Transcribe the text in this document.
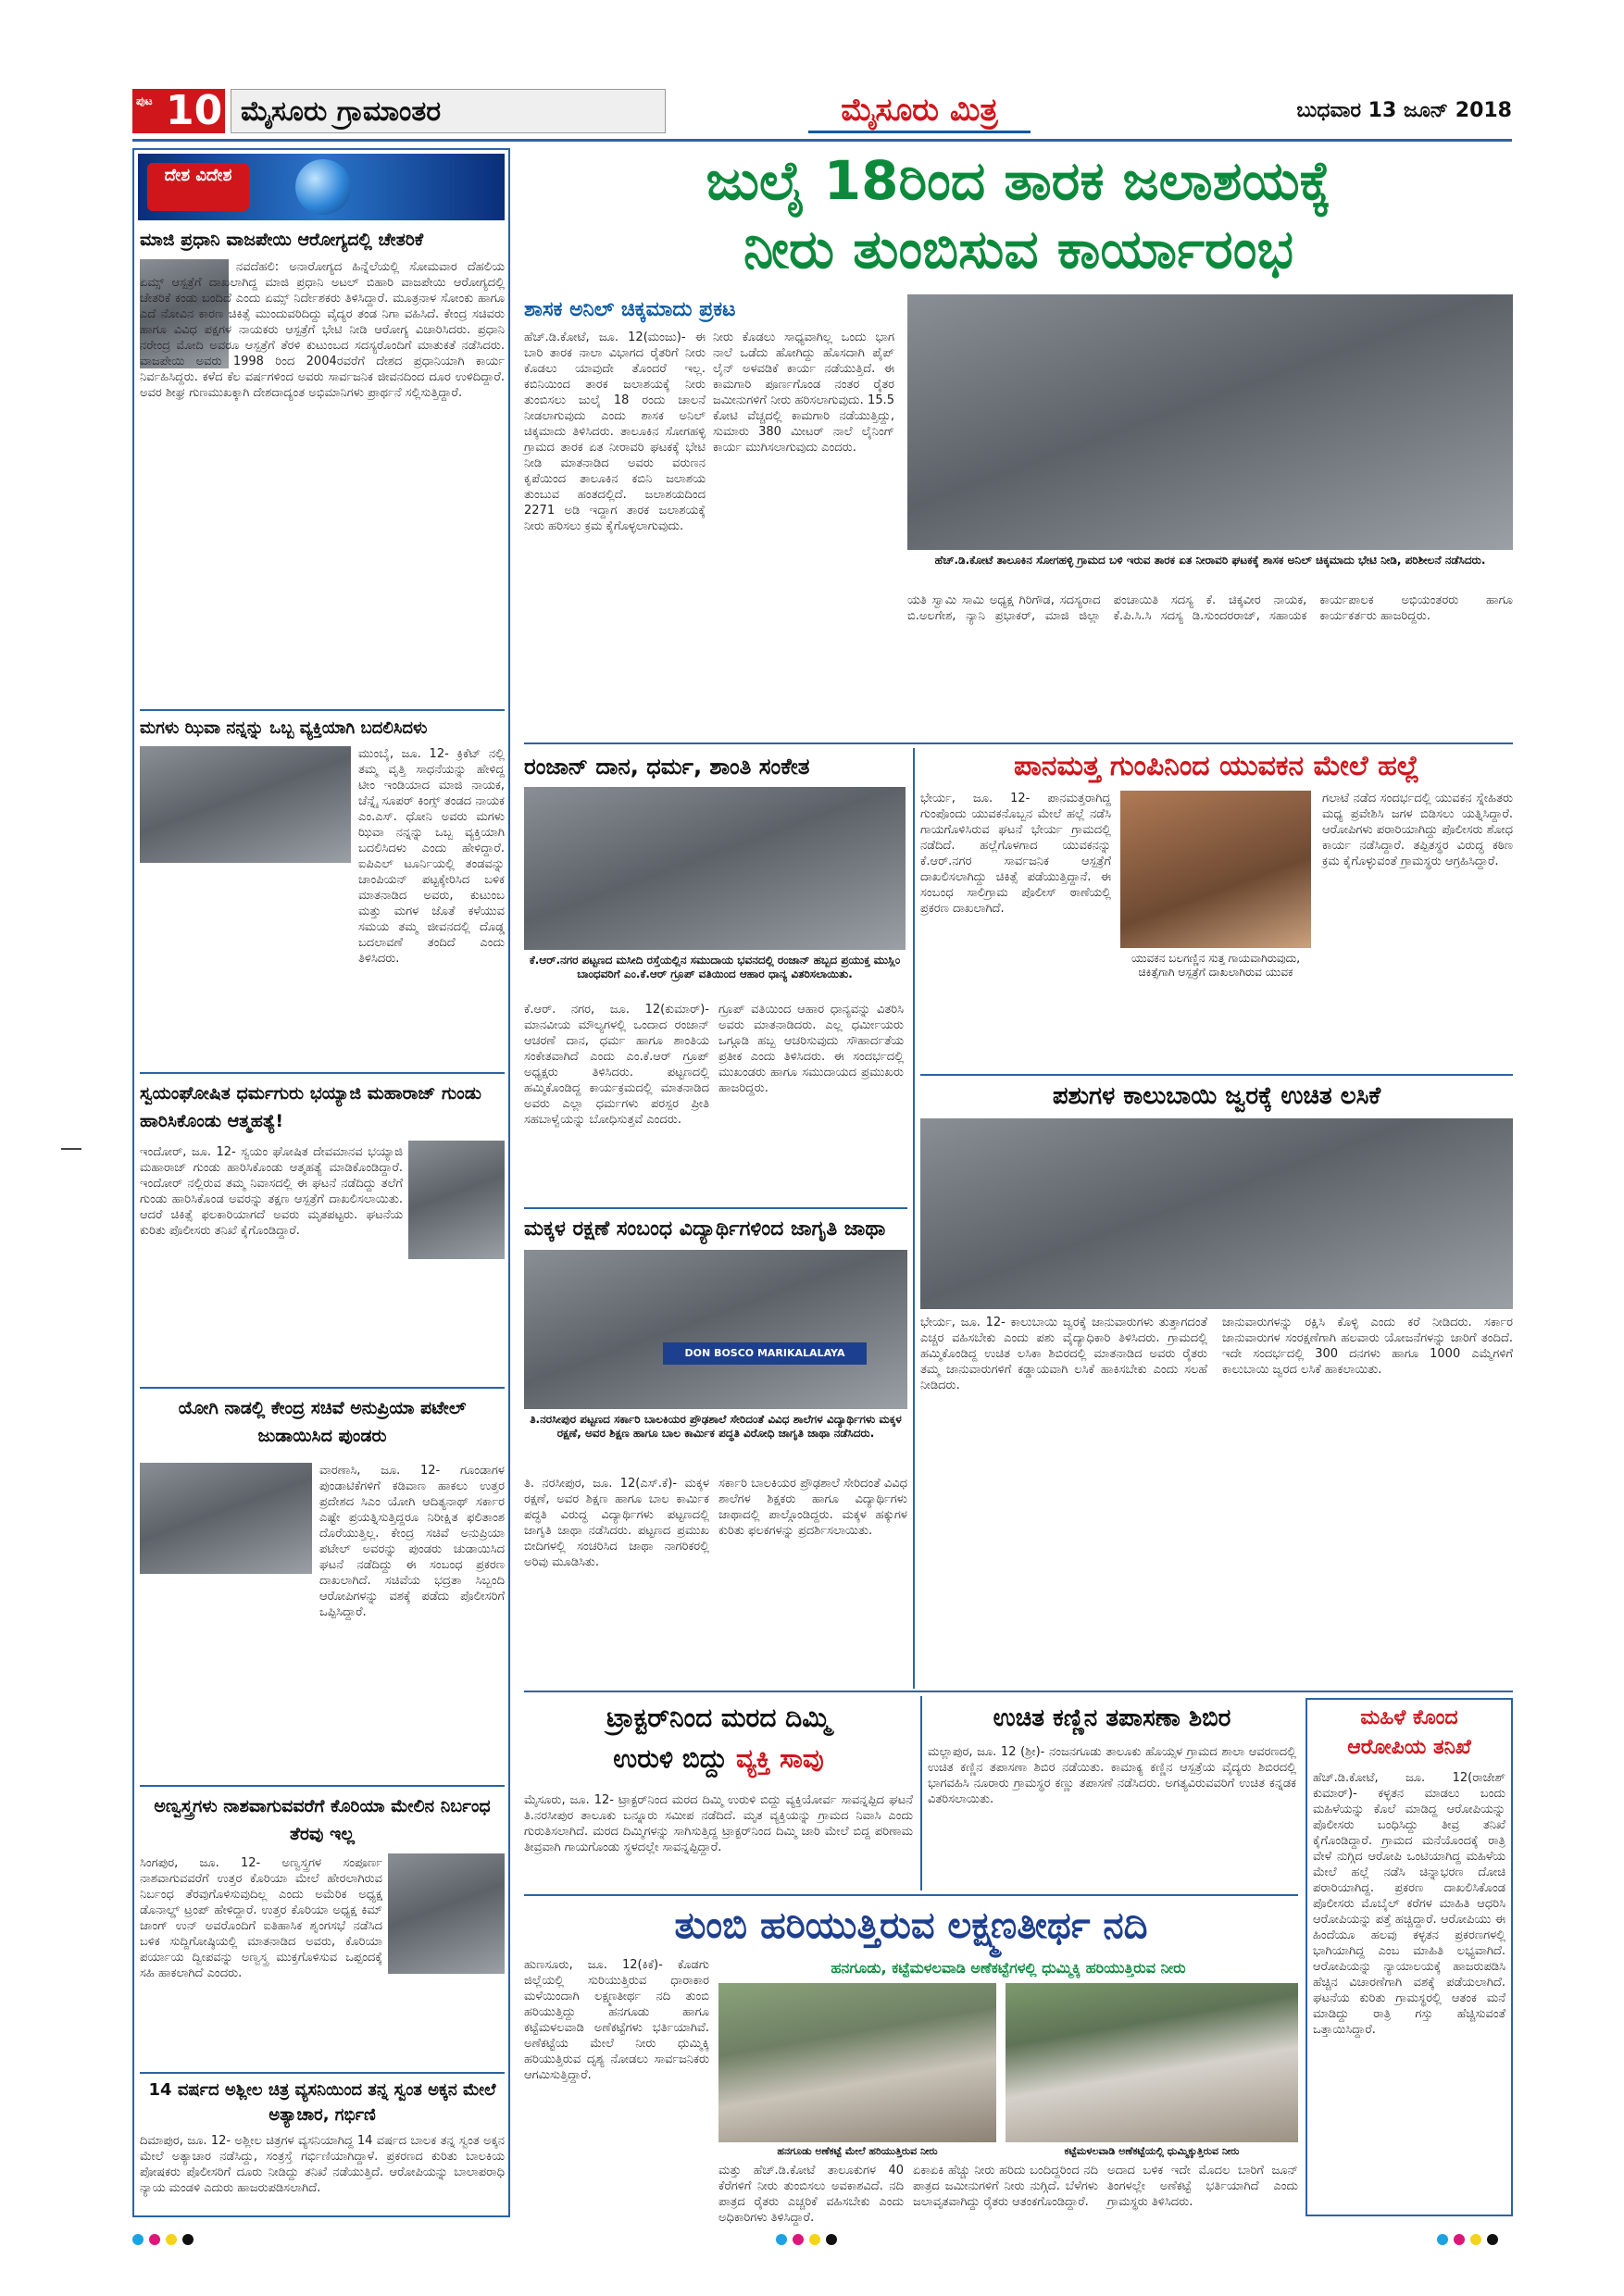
ಪುಟ 10 ಮೈಸೂರು ಗ್ರಾಮಾಂತರ	ಮೈಸೂರು ಮಿತ್ರ	ಬುಧವಾರ 13 ಜೂನ್ 2018
ದೇಶ ವಿದೇಶ
ಮಾಜಿ ಪ್ರಧಾನಿ ವಾಜಪೇಯಿ ಆರೋಗ್ಯದಲ್ಲಿ ಚೇತರಿಕೆ
ನವದೆಹಲಿ: ಅನಾರೋಗ್ಯದ ಹಿನ್ನೆಲೆಯಲ್ಲಿ ಸೋಮವಾರ ದೆಹಲಿಯ ಏಮ್ಸ್ ಆಸ್ಪತ್ರೆಗೆ ದಾಖಲಾಗಿದ್ದ ಮಾಜಿ ಪ್ರಧಾನಿ ಅಟಲ್ ಬಿಹಾರಿ ವಾಜಪೇಯಿ ಆರೋಗ್ಯದಲ್ಲಿ ಚೇತರಿಕೆ ಕಂಡು ಬಂದಿದೆ ಎಂದು ಏಮ್ಸ್ ನಿರ್ದೇಶಕರು ತಿಳಿಸಿದ್ದಾರೆ. ಮೂತ್ರನಾಳ ಸೋಂಕು ಹಾಗೂ ಎದೆ ನೋವಿನ ಕಾರಣ ಚಿಕಿತ್ಸೆ ಮುಂದುವರಿದಿದ್ದು ವೈದ್ಯರ ತಂಡ ನಿಗಾ ವಹಿಸಿದೆ. ಕೇಂದ್ರ ಸಚಿವರು ಹಾಗೂ ವಿವಿಧ ಪಕ್ಷಗಳ ನಾಯಕರು ಆಸ್ಪತ್ರೆಗೆ ಭೇಟಿ ನೀಡಿ ಆರೋಗ್ಯ ವಿಚಾರಿಸಿದರು. ಪ್ರಧಾನಿ ನರೇಂದ್ರ ಮೋದಿ ಅವರೂ ಆಸ್ಪತ್ರೆಗೆ ತೆರಳಿ ಕುಟುಂಬದ ಸದಸ್ಯರೊಂದಿಗೆ ಮಾತುಕತೆ ನಡೆಸಿದರು. ವಾಜಪೇಯಿ ಅವರು 1998 ರಿಂದ 2004ರವರೆಗೆ ದೇಶದ ಪ್ರಧಾನಿಯಾಗಿ ಕಾರ್ಯ ನಿರ್ವಹಿಸಿದ್ದರು. ಕಳೆದ ಕೆಲ ವರ್ಷಗಳಿಂದ ಅವರು ಸಾರ್ವಜನಿಕ ಜೀವನದಿಂದ ದೂರ ಉಳಿದಿದ್ದಾರೆ. ಅವರ ಶೀಘ್ರ ಗುಣಮುಖಕ್ಕಾಗಿ ದೇಶದಾದ್ಯಂತ ಅಭಿಮಾನಿಗಳು ಪ್ರಾರ್ಥನೆ ಸಲ್ಲಿಸುತ್ತಿದ್ದಾರೆ.
ಮಗಳು ಝಿವಾ ನನ್ನನ್ನು ಒಬ್ಬ ವ್ಯಕ್ತಿಯಾಗಿ ಬದಲಿಸಿದಳು
ಮುಂಬೈ, ಜೂ. 12- ಕ್ರಿಕೆಟ್ ನಲ್ಲಿ ತಮ್ಮ ವೃತ್ತಿ ಸಾಧನೆಯನ್ನು ಹೇಳಿದ್ದ ಟೀಂ ಇಂಡಿಯಾದ ಮಾಜಿ ನಾಯಕ, ಚೆನ್ನೈ ಸೂಪರ್ ಕಿಂಗ್ಸ್ ತಂಡದ ನಾಯಕ ಎಂ.ಎಸ್. ಧೋನಿ ಅವರು ಮಗಳು ಝಿವಾ ನನ್ನನ್ನು ಒಬ್ಬ ವ್ಯಕ್ತಿಯಾಗಿ ಬದಲಿಸಿದಳು ಎಂದು ಹೇಳಿದ್ದಾರೆ. ಐಪಿಎಲ್ ಟೂರ್ನಿಯಲ್ಲಿ ತಂಡವನ್ನು ಚಾಂಪಿಯನ್ ಪಟ್ಟಕ್ಕೇರಿಸಿದ ಬಳಿಕ ಮಾತನಾಡಿದ ಅವರು, ಕುಟುಂಬ ಮತ್ತು ಮಗಳ ಜೊತೆ ಕಳೆಯುವ ಸಮಯ ತಮ್ಮ ಜೀವನದಲ್ಲಿ ದೊಡ್ಡ ಬದಲಾವಣೆ ತಂದಿದೆ ಎಂದು ತಿಳಿಸಿದರು.
ಸ್ವಯಂಘೋಷಿತ ಧರ್ಮಗುರು ಭಯ್ಯಾಜಿ ಮಹಾರಾಜ್ ಗುಂಡು ಹಾರಿಸಿಕೊಂಡು ಆತ್ಮಹತ್ಯೆ!
ಇಂದೋರ್, ಜೂ. 12- ಸ್ವಯಂ ಘೋಷಿತ ದೇವಮಾನವ ಭಯ್ಯಾಜಿ ಮಹಾರಾಜ್ ಗುಂಡು ಹಾರಿಸಿಕೊಂಡು ಆತ್ಮಹತ್ಯೆ ಮಾಡಿಕೊಂಡಿದ್ದಾರೆ. ಇಂದೋರ್ ನಲ್ಲಿರುವ ತಮ್ಮ ನಿವಾಸದಲ್ಲಿ ಈ ಘಟನೆ ನಡೆದಿದ್ದು ತಲೆಗೆ ಗುಂಡು ಹಾರಿಸಿಕೊಂಡ ಅವರನ್ನು ತಕ್ಷಣ ಆಸ್ಪತ್ರೆಗೆ ದಾಖಲಿಸಲಾಯಿತು. ಆದರೆ ಚಿಕಿತ್ಸೆ ಫಲಕಾರಿಯಾಗದೆ ಅವರು ಮೃತಪಟ್ಟರು. ಘಟನೆಯ ಕುರಿತು ಪೊಲೀಸರು ತನಿಖೆ ಕೈಗೊಂಡಿದ್ದಾರೆ.
ಯೋಗಿ ನಾಡಲ್ಲಿ ಕೇಂದ್ರ ಸಚಿವೆ ಅನುಪ್ರಿಯಾ ಪಟೇಲ್ ಜುಡಾಯಿಸಿದ ಪುಂಡರು
ವಾರಣಾಸಿ, ಜೂ. 12- ಗೂಂಡಾಗಳ ಪುಂಡಾಟಿಕೆಗಳಿಗೆ ಕಡಿವಾಣ ಹಾಕಲು ಉತ್ತರ ಪ್ರದೇಶದ ಸಿಎಂ ಯೋಗಿ ಆದಿತ್ಯನಾಥ್ ಸರ್ಕಾರ ಎಷ್ಟೇ ಪ್ರಯತ್ನಿಸುತ್ತಿದ್ದರೂ ನಿರೀಕ್ಷಿತ ಫಲಿತಾಂಶ ದೊರೆಯುತ್ತಿಲ್ಲ. ಕೇಂದ್ರ ಸಚಿವೆ ಅನುಪ್ರಿಯಾ ಪಟೇಲ್ ಅವರನ್ನು ಪುಂಡರು ಚುಡಾಯಿಸಿದ ಘಟನೆ ನಡೆದಿದ್ದು ಈ ಸಂಬಂಧ ಪ್ರಕರಣ ದಾಖಲಾಗಿದೆ. ಸಚಿವೆಯ ಭದ್ರತಾ ಸಿಬ್ಬಂದಿ ಆರೋಪಿಗಳನ್ನು ವಶಕ್ಕೆ ಪಡೆದು ಪೊಲೀಸರಿಗೆ ಒಪ್ಪಿಸಿದ್ದಾರೆ.
ಅಣ್ವಸ್ತ್ರಗಳು ನಾಶವಾಗುವವರೆಗೆ ಕೊರಿಯಾ ಮೇಲಿನ ನಿರ್ಬಂಧ ತೆರವು ಇಲ್ಲ
ಸಿಂಗಪುರ, ಜೂ. 12- ಅಣ್ವಸ್ತ್ರಗಳ ಸಂಪೂರ್ಣ ನಾಶವಾಗುವವರೆಗೆ ಉತ್ತರ ಕೊರಿಯಾ ಮೇಲೆ ಹೇರಲಾಗಿರುವ ನಿರ್ಬಂಧ ತೆರವುಗೊಳಿಸುವುದಿಲ್ಲ ಎಂದು ಅಮೆರಿಕ ಅಧ್ಯಕ್ಷ ಡೊನಾಲ್ಡ್ ಟ್ರಂಪ್ ಹೇಳಿದ್ದಾರೆ. ಉತ್ತರ ಕೊರಿಯಾ ಅಧ್ಯಕ್ಷ ಕಿಮ್ ಜಾಂಗ್ ಉನ್ ಅವರೊಂದಿಗೆ ಐತಿಹಾಸಿಕ ಶೃಂಗಸಭೆ ನಡೆಸಿದ ಬಳಿಕ ಸುದ್ದಿಗೋಷ್ಠಿಯಲ್ಲಿ ಮಾತನಾಡಿದ ಅವರು, ಕೊರಿಯಾ ಪರ್ಯಾಯ ದ್ವೀಪವನ್ನು ಅಣ್ವಸ್ತ್ರ ಮುಕ್ತಗೊಳಿಸುವ ಒಪ್ಪಂದಕ್ಕೆ ಸಹಿ ಹಾಕಲಾಗಿದೆ ಎಂದರು.
14 ವರ್ಷದ ಅಶ್ಲೀಲ ಚಿತ್ರ ವ್ಯಸನಿಯಿಂದ ತನ್ನ ಸ್ವಂತ ಅಕ್ಕನ ಮೇಲೆ ಅತ್ಯಾಚಾರ, ಗರ್ಭಿಣಿ
ದಿಮಾಪುರ, ಜೂ. 12- ಅಶ್ಲೀಲ ಚಿತ್ರಗಳ ವ್ಯಸನಿಯಾಗಿದ್ದ 14 ವರ್ಷದ ಬಾಲಕ ತನ್ನ ಸ್ವಂತ ಅಕ್ಕನ ಮೇಲೆ ಅತ್ಯಾಚಾರ ನಡೆಸಿದ್ದು, ಸಂತ್ರಸ್ತೆ ಗರ್ಭಿಣಿಯಾಗಿದ್ದಾಳೆ. ಪ್ರಕರಣದ ಕುರಿತು ಬಾಲಕಿಯ ಪೋಷಕರು ಪೊಲೀಸರಿಗೆ ದೂರು ನೀಡಿದ್ದು ತನಿಖೆ ನಡೆಯುತ್ತಿದೆ. ಆರೋಪಿಯನ್ನು ಬಾಲಾಪರಾಧಿ ನ್ಯಾಯ ಮಂಡಳಿ ಎದುರು ಹಾಜರುಪಡಿಸಲಾಗಿದೆ.
ಜುಲೈ 18ರಿಂದ ತಾರಕ ಜಲಾಶಯಕ್ಕೆ
ನೀರು ತುಂಬಿಸುವ ಕಾರ್ಯಾರಂಭ
ಶಾಸಕ ಅನಿಲ್ ಚಿಕ್ಕಮಾದು ಪ್ರಕಟ
ಹೆಚ್.ಡಿ.ಕೋಟೆ, ಜೂ. 12(ಮಂಜು)- ಈ ಬಾರಿ ತಾರಕ ನಾಲಾ ವಿಭಾಗದ ರೈತರಿಗೆ ನೀರು ಕೊಡಲು ಯಾವುದೇ ತೊಂದರೆ ಇಲ್ಲ. ಕಬಿನಿಯಿಂದ ತಾರಕ ಜಲಾಶಯಕ್ಕೆ ನೀರು ತುಂಬಿಸಲು ಜುಲೈ 18 ರಂದು ಚಾಲನೆ ನೀಡಲಾಗುವುದು ಎಂದು ಶಾಸಕ ಅನಿಲ್ ಚಿಕ್ಕಮಾದು ತಿಳಿಸಿದರು. ತಾಲೂಕಿನ ಸೋಗಹಳ್ಳಿ ಗ್ರಾಮದ ತಾರಕ ಏತ ನೀರಾವರಿ ಘಟಕಕ್ಕೆ ಭೇಟಿ ನೀಡಿ ಮಾತನಾಡಿದ ಅವರು ವರುಣನ ಕೃಪೆಯಿಂದ ತಾಲೂಕಿನ ಕಬಿನಿ ಜಲಾಶಯ ತುಂಬುವ ಹಂತದಲ್ಲಿದೆ. ಜಲಾಶಯದಿಂದ 2271 ಅಡಿ ಇದ್ದಾಗ ತಾರಕ ಜಲಾಶಯಕ್ಕೆ ನೀರು ಹರಿಸಲು ಕ್ರಮ ಕೈಗೊಳ್ಳಲಾಗುವುದು.
ನೀರು ಕೊಡಲು ಸಾಧ್ಯವಾಗಿಲ್ಲ ಒಂದು ಭಾಗ ನಾಲೆ ಒಡೆದು ಹೋಗಿದ್ದು ಹೊಸದಾಗಿ ಪೈಪ್ ಲೈನ್ ಅಳವಡಿಕೆ ಕಾರ್ಯ ನಡೆಯುತ್ತಿದೆ. ಈ ಕಾಮಗಾರಿ ಪೂರ್ಣಗೊಂಡ ನಂತರ ರೈತರ ಜಮೀನುಗಳಿಗೆ ನೀರು ಹರಿಸಲಾಗುವುದು. 15.5 ಕೋಟಿ ವೆಚ್ಚದಲ್ಲಿ ಕಾಮಗಾರಿ ನಡೆಯುತ್ತಿದ್ದು, ಸುಮಾರು 380 ಮೀಟರ್ ನಾಲೆ ಲೈನಿಂಗ್ ಕಾರ್ಯ ಮುಗಿಸಲಾಗುವುದು ಎಂದರು.
ಹೆಚ್.ಡಿ.ಕೋಟೆ ತಾಲೂಕಿನ ಸೋಗಹಳ್ಳಿ ಗ್ರಾಮದ ಬಳಿ ಇರುವ ತಾರಕ ಏತ ನೀರಾವರಿ ಘಟಕಕ್ಕೆ ಶಾಸಕ ಅನಿಲ್ ಚಿಕ್ಕಮಾದು ಭೇಟಿ ನೀಡಿ, ಪರಿಶೀಲನೆ ನಡೆಸಿದರು.
ಯತಿ ಸ್ವಾಮಿ ಸಾಮಿ ಅಧ್ಯಕ್ಷ ಗಿರಿಗೌಡ, ಸದಸ್ಯರಾದ ಬಿ.ಅಲಗೇಶ, ನ್ಯಾನಿ ಪ್ರಭಾಕರ್, ಮಾಜಿ ಜಿಲ್ಲಾ ಪಂಚಾಯಿತಿ ಸದಸ್ಯ ಕೆ. ಚಿಕ್ಕವೀರ ನಾಯಕ, ಕೆ.ಪಿ.ಸಿ.ಸಿ ಸದಸ್ಯ ಡಿ.ಸುಂದರರಾಜ್, ಸಹಾಯಕ ಕಾರ್ಯಪಾಲಕ ಅಭಿಯಂತರರು ಹಾಗೂ ಕಾರ್ಯಕರ್ತರು ಹಾಜರಿದ್ದರು.
ರಂಜಾನ್ ದಾನ, ಧರ್ಮ, ಶಾಂತಿ ಸಂಕೇತ
ಕೆ.ಆರ್.ನಗರ ಪಟ್ಟಣದ ಮಸೀದಿ ರಸ್ತೆಯಲ್ಲಿನ ಸಮುದಾಯ ಭವನದಲ್ಲಿ ರಂಜಾನ್ ಹಬ್ಬದ ಪ್ರಯುಕ್ತ ಮುಸ್ಲಿಂ ಬಾಂಧವರಿಗೆ ಎಂ.ಕೆ.ಆರ್ ಗ್ರೂಪ್ ವತಿಯಿಂದ ಆಹಾರ ಧಾನ್ಯ ವಿತರಿಸಲಾಯಿತು.
ಕೆ.ಆರ್. ನಗರ, ಜೂ. 12(ಕುಮಾರ್)- ಮಾನವೀಯ ಮೌಲ್ಯಗಳಲ್ಲಿ ಒಂದಾದ ರಂಜಾನ್ ಆಚರಣೆ ದಾನ, ಧರ್ಮ ಹಾಗೂ ಶಾಂತಿಯ ಸಂಕೇತವಾಗಿದೆ ಎಂದು ಎಂ.ಕೆ.ಆರ್ ಗ್ರೂಪ್ ಅಧ್ಯಕ್ಷರು ತಿಳಿಸಿದರು. ಪಟ್ಟಣದಲ್ಲಿ ಹಮ್ಮಿಕೊಂಡಿದ್ದ ಕಾರ್ಯಕ್ರಮದಲ್ಲಿ ಮಾತನಾಡಿದ ಅವರು ಎಲ್ಲಾ ಧರ್ಮಗಳು ಪರಸ್ಪರ ಪ್ರೀತಿ ಸಹಬಾಳ್ವೆಯನ್ನು ಬೋಧಿಸುತ್ತವೆ ಎಂದರು.
ಗ್ರೂಪ್ ವತಿಯಿಂದ ಆಹಾರ ಧಾನ್ಯವನ್ನು ವಿತರಿಸಿ ಅವರು ಮಾತನಾಡಿದರು. ಎಲ್ಲ ಧರ್ಮೀಯರು ಒಗ್ಗೂಡಿ ಹಬ್ಬ ಆಚರಿಸುವುದು ಸೌಹಾರ್ದತೆಯ ಪ್ರತೀಕ ಎಂದು ತಿಳಿಸಿದರು. ಈ ಸಂದರ್ಭದಲ್ಲಿ ಮುಖಂಡರು ಹಾಗೂ ಸಮುದಾಯದ ಪ್ರಮುಖರು ಹಾಜರಿದ್ದರು.
ಪಾನಮತ್ತ ಗುಂಪಿನಿಂದ ಯುವಕನ ಮೇಲೆ ಹಲ್ಲೆ
ಭೇರ್ಯ, ಜೂ. 12- ಪಾನಮತ್ತರಾಗಿದ್ದ ಗುಂಪೊಂದು ಯುವಕನೊಬ್ಬನ ಮೇಲೆ ಹಲ್ಲೆ ನಡೆಸಿ ಗಾಯಗೊಳಿಸಿರುವ ಘಟನೆ ಭೇರ್ಯ ಗ್ರಾಮದಲ್ಲಿ ನಡೆದಿದೆ. ಹಲ್ಲೆಗೊಳಗಾದ ಯುವಕನನ್ನು ಕೆ.ಆರ್.ನಗರ ಸಾರ್ವಜನಿಕ ಆಸ್ಪತ್ರೆಗೆ ದಾಖಲಿಸಲಾಗಿದ್ದು ಚಿಕಿತ್ಸೆ ಪಡೆಯುತ್ತಿದ್ದಾನೆ. ಈ ಸಂಬಂಧ ಸಾಲಿಗ್ರಾಮ ಪೊಲೀಸ್ ಠಾಣೆಯಲ್ಲಿ ಪ್ರಕರಣ ದಾಖಲಾಗಿದೆ.
ಯುವಕನ ಬಲಗಣ್ಣಿನ ಸುತ್ತ ಗಾಯವಾಗಿರುವುದು, ಚಿಕಿತ್ಸೆಗಾಗಿ ಆಸ್ಪತ್ರೆಗೆ ದಾಖಲಾಗಿರುವ ಯುವಕ
ಗಲಾಟೆ ನಡೆದ ಸಂದರ್ಭದಲ್ಲಿ ಯುವಕನ ಸ್ನೇಹಿತರು ಮಧ್ಯ ಪ್ರವೇಶಿಸಿ ಜಗಳ ಬಿಡಿಸಲು ಯತ್ನಿಸಿದ್ದಾರೆ. ಆರೋಪಿಗಳು ಪರಾರಿಯಾಗಿದ್ದು ಪೊಲೀಸರು ಶೋಧ ಕಾರ್ಯ ನಡೆಸಿದ್ದಾರೆ. ತಪ್ಪಿತಸ್ಥರ ವಿರುದ್ಧ ಕಠಿಣ ಕ್ರಮ ಕೈಗೊಳ್ಳುವಂತೆ ಗ್ರಾಮಸ್ಥರು ಆಗ್ರಹಿಸಿದ್ದಾರೆ.
ಪಶುಗಳ ಕಾಲುಬಾಯಿ ಜ್ವರಕ್ಕೆ ಉಚಿತ ಲಸಿಕೆ
ಭೇರ್ಯ, ಜೂ. 12- ಕಾಲುಬಾಯಿ ಜ್ವರಕ್ಕೆ ಜಾನುವಾರುಗಳು ತುತ್ತಾಗದಂತೆ ಎಚ್ಚರ ವಹಿಸಬೇಕು ಎಂದು ಪಶು ವೈದ್ಯಾಧಿಕಾರಿ ತಿಳಿಸಿದರು. ಗ್ರಾಮದಲ್ಲಿ ಹಮ್ಮಿಕೊಂಡಿದ್ದ ಉಚಿತ ಲಸಿಕಾ ಶಿಬಿರದಲ್ಲಿ ಮಾತನಾಡಿದ ಅವರು ರೈತರು ತಮ್ಮ ಜಾನುವಾರುಗಳಿಗೆ ಕಡ್ಡಾಯವಾಗಿ ಲಸಿಕೆ ಹಾಕಿಸಬೇಕು ಎಂದು ಸಲಹೆ ನೀಡಿದರು.
ಜಾನುವಾರುಗಳನ್ನು ರಕ್ಷಿಸಿ ಕೊಳ್ಳಿ ಎಂದು ಕರೆ ನೀಡಿದರು. ಸರ್ಕಾರ ಜಾನುವಾರುಗಳ ಸಂರಕ್ಷಣೆಗಾಗಿ ಹಲವಾರು ಯೋಜನೆಗಳನ್ನು ಜಾರಿಗೆ ತಂದಿದೆ. ಇದೇ ಸಂದರ್ಭದಲ್ಲಿ 300 ದನಗಳು ಹಾಗೂ 1000 ಎಮ್ಮೆಗಳಿಗೆ ಕಾಲುಬಾಯಿ ಜ್ವರದ ಲಸಿಕೆ ಹಾಕಲಾಯಿತು.
ಮಕ್ಕಳ ರಕ್ಷಣೆ ಸಂಬಂಧ ವಿದ್ಯಾರ್ಥಿಗಳಿಂದ ಜಾಗೃತಿ ಜಾಥಾ
DON BOSCO MARIKALALAYA
ತಿ.ನರಸೀಪುರ ಪಟ್ಟಣದ ಸರ್ಕಾರಿ ಬಾಲಕಿಯರ ಪ್ರೌಢಶಾಲೆ ಸೇರಿದಂತೆ ವಿವಿಧ ಶಾಲೆಗಳ ವಿದ್ಯಾರ್ಥಿಗಳು ಮಕ್ಕಳ ರಕ್ಷಣೆ, ಅವರ ಶಿಕ್ಷಣ ಹಾಗೂ ಬಾಲ ಕಾರ್ಮಿಕ ಪದ್ಧತಿ ವಿರೋಧಿ ಜಾಗೃತಿ ಜಾಥಾ ನಡೆಸಿದರು.
ತಿ. ನರಸೀಪುರ, ಜೂ. 12(ಎಸ್.ಕೆ)- ಮಕ್ಕಳ ರಕ್ಷಣೆ, ಅವರ ಶಿಕ್ಷಣ ಹಾಗೂ ಬಾಲ ಕಾರ್ಮಿಕ ಪದ್ಧತಿ ವಿರುದ್ಧ ವಿದ್ಯಾರ್ಥಿಗಳು ಪಟ್ಟಣದಲ್ಲಿ ಜಾಗೃತಿ ಜಾಥಾ ನಡೆಸಿದರು. ಪಟ್ಟಣದ ಪ್ರಮುಖ ಬೀದಿಗಳಲ್ಲಿ ಸಂಚರಿಸಿದ ಜಾಥಾ ನಾಗರಿಕರಲ್ಲಿ ಅರಿವು ಮೂಡಿಸಿತು.
ಸರ್ಕಾರಿ ಬಾಲಕಿಯರ ಪ್ರೌಢಶಾಲೆ ಸೇರಿದಂತೆ ವಿವಿಧ ಶಾಲೆಗಳ ಶಿಕ್ಷಕರು ಹಾಗೂ ವಿದ್ಯಾರ್ಥಿಗಳು ಜಾಥಾದಲ್ಲಿ ಪಾಲ್ಗೊಂಡಿದ್ದರು. ಮಕ್ಕಳ ಹಕ್ಕುಗಳ ಕುರಿತು ಫಲಕಗಳನ್ನು ಪ್ರದರ್ಶಿಸಲಾಯಿತು.
ಟ್ರಾಕ್ಟರ್‌ನಿಂದ ಮರದ ದಿಮ್ಮಿ
ಉರುಳಿ ಬಿದ್ದು ವ್ಯಕ್ತಿ ಸಾವು
ಮೈಸೂರು, ಜೂ. 12- ಟ್ರಾಕ್ಟರ್‌ನಿಂದ ಮರದ ದಿಮ್ಮಿ ಉರುಳಿ ಬಿದ್ದು ವ್ಯಕ್ತಿಯೋರ್ವ ಸಾವನ್ನಪ್ಪಿದ ಘಟನೆ ತಿ.ನರಸೀಪುರ ತಾಲೂಕು ಬನ್ನೂರು ಸಮೀಪ ನಡೆದಿದೆ. ಮೃತ ವ್ಯಕ್ತಿಯನ್ನು ಗ್ರಾಮದ ನಿವಾಸಿ ಎಂದು ಗುರುತಿಸಲಾಗಿದೆ. ಮರದ ದಿಮ್ಮಿಗಳನ್ನು ಸಾಗಿಸುತ್ತಿದ್ದ ಟ್ರಾಕ್ಟರ್‌ನಿಂದ ದಿಮ್ಮಿ ಜಾರಿ ಮೇಲೆ ಬಿದ್ದ ಪರಿಣಾಮ ತೀವ್ರವಾಗಿ ಗಾಯಗೊಂಡು ಸ್ಥಳದಲ್ಲೇ ಸಾವನ್ನಪ್ಪಿದ್ದಾರೆ.
ಉಚಿತ ಕಣ್ಣಿನ ತಪಾಸಣಾ ಶಿಬಿರ
ಮಲ್ಲಾಪುರ, ಜೂ. 12 (ಶ್ರೀ)- ನಂಜನಗೂಡು ತಾಲೂಕು ಹೊಯ್ಸಳ ಗ್ರಾಮದ ಶಾಲಾ ಆವರಣದಲ್ಲಿ ಉಚಿತ ಕಣ್ಣಿನ ತಪಾಸಣಾ ಶಿಬಿರ ನಡೆಯಿತು. ಕಾಮಾಕ್ಯ ಕಣ್ಣಿನ ಆಸ್ಪತ್ರೆಯ ವೈದ್ಯರು ಶಿಬಿರದಲ್ಲಿ ಭಾಗವಹಿಸಿ ನೂರಾರು ಗ್ರಾಮಸ್ಥರ ಕಣ್ಣು ತಪಾಸಣೆ ನಡೆಸಿದರು. ಅಗತ್ಯವಿರುವವರಿಗೆ ಉಚಿತ ಕನ್ನಡಕ ವಿತರಿಸಲಾಯಿತು.
ಮಹಿಳೆ ಕೊಂದ
ಆರೋಪಿಯ ತನಿಖೆ
ಹೆಚ್.ಡಿ.ಕೋಟೆ, ಜೂ. 12(ರಾಜೇಶ್ ಕುಮಾರ್)- ಕಳ್ಳತನ ಮಾಡಲು ಬಂದು ಮಹಿಳೆಯನ್ನು ಕೊಲೆ ಮಾಡಿದ್ದ ಆರೋಪಿಯನ್ನು ಪೊಲೀಸರು ಬಂಧಿಸಿದ್ದು ತೀವ್ರ ತನಿಖೆ ಕೈಗೊಂಡಿದ್ದಾರೆ. ಗ್ರಾಮದ ಮನೆಯೊಂದಕ್ಕೆ ರಾತ್ರಿ ವೇಳೆ ನುಗ್ಗಿದ ಆರೋಪಿ ಒಂಟಿಯಾಗಿದ್ದ ಮಹಿಳೆಯ ಮೇಲೆ ಹಲ್ಲೆ ನಡೆಸಿ ಚಿನ್ನಾಭರಣ ದೋಚಿ ಪರಾರಿಯಾಗಿದ್ದ. ಪ್ರಕರಣ ದಾಖಲಿಸಿಕೊಂಡ ಪೊಲೀಸರು ಮೊಬೈಲ್ ಕರೆಗಳ ಮಾಹಿತಿ ಆಧರಿಸಿ ಆರೋಪಿಯನ್ನು ಪತ್ತೆ ಹಚ್ಚಿದ್ದಾರೆ. ಆರೋಪಿಯು ಈ ಹಿಂದೆಯೂ ಹಲವು ಕಳ್ಳತನ ಪ್ರಕರಣಗಳಲ್ಲಿ ಭಾಗಿಯಾಗಿದ್ದ ಎಂಬ ಮಾಹಿತಿ ಲಭ್ಯವಾಗಿದೆ. ಆರೋಪಿಯನ್ನು ನ್ಯಾಯಾಲಯಕ್ಕೆ ಹಾಜರುಪಡಿಸಿ ಹೆಚ್ಚಿನ ವಿಚಾರಣೆಗಾಗಿ ವಶಕ್ಕೆ ಪಡೆಯಲಾಗಿದೆ. ಘಟನೆಯ ಕುರಿತು ಗ್ರಾಮಸ್ಥರಲ್ಲಿ ಆತಂಕ ಮನೆ ಮಾಡಿದ್ದು ರಾತ್ರಿ ಗಸ್ತು ಹೆಚ್ಚಿಸುವಂತೆ ಒತ್ತಾಯಿಸಿದ್ದಾರೆ.
ತುಂಬಿ ಹರಿಯುತ್ತಿರುವ ಲಕ್ಷ್ಮಣತೀರ್ಥ ನದಿ
ಹುಣಸೂರು, ಜೂ. 12(ಕಿಕೆ)- ಕೊಡಗು ಜಿಲ್ಲೆಯಲ್ಲಿ ಸುರಿಯುತ್ತಿರುವ ಧಾರಾಕಾರ ಮಳೆಯಿಂದಾಗಿ ಲಕ್ಷ್ಮಣತೀರ್ಥ ನದಿ ತುಂಬಿ ಹರಿಯುತ್ತಿದ್ದು ಹನಗೂಡು ಹಾಗೂ ಕಟ್ಟೆಮಳಲವಾಡಿ ಅಣೆಕಟ್ಟೆಗಳು ಭರ್ತಿಯಾಗಿವೆ. ಅಣೆಕಟ್ಟೆಯ ಮೇಲೆ ನೀರು ಧುಮ್ಮಿಕ್ಕಿ ಹರಿಯುತ್ತಿರುವ ದೃಶ್ಯ ನೋಡಲು ಸಾರ್ವಜನಿಕರು ಆಗಮಿಸುತ್ತಿದ್ದಾರೆ.
ಹನಗೂಡು, ಕಟ್ಟೆಮಳಲವಾಡಿ ಅಣೆಕಟ್ಟೆಗಳಲ್ಲಿ ಧುಮ್ಮಿಕ್ಕಿ ಹರಿಯುತ್ತಿರುವ ನೀರು
ಹನಗೂಡು ಅಣೆಕಟ್ಟೆ ಮೇಲೆ ಹರಿಯುತ್ತಿರುವ ನೀರು	ಕಟ್ಟೆಮಳಲವಾಡಿ ಅಣೆಕಟ್ಟೆಯಲ್ಲಿ ಧುಮ್ಮಿಕ್ಕುತ್ತಿರುವ ನೀರು
ಮತ್ತು ಹೆಚ್.ಡಿ.ಕೋಟೆ ತಾಲೂಕುಗಳ 40 ಕೆರೆಗಳಿಗೆ ನೀರು ತುಂಬಿಸಲು ಅವಕಾಶವಿದೆ. ನದಿ ಪಾತ್ರದ ರೈತರು ಎಚ್ಚರಿಕೆ ವಹಿಸಬೇಕು ಎಂದು ಅಧಿಕಾರಿಗಳು ತಿಳಿಸಿದ್ದಾರೆ.
ಏಕಾಏಕಿ ಹೆಚ್ಚು ನೀರು ಹರಿದು ಬಂದಿದ್ದರಿಂದ ನದಿ ಪಾತ್ರದ ಜಮೀನುಗಳಿಗೆ ನೀರು ನುಗ್ಗಿದೆ. ಬೆಳೆಗಳು ಜಲಾವೃತವಾಗಿದ್ದು ರೈತರು ಆತಂಕಗೊಂಡಿದ್ದಾರೆ.
ಅದಾದ ಬಳಿಕ ಇದೇ ಮೊದಲ ಬಾರಿಗೆ ಜೂನ್ ತಿಂಗಳಲ್ಲೇ ಅಣೆಕಟ್ಟೆ ಭರ್ತಿಯಾಗಿದೆ ಎಂದು ಗ್ರಾಮಸ್ಥರು ತಿಳಿಸಿದರು.
